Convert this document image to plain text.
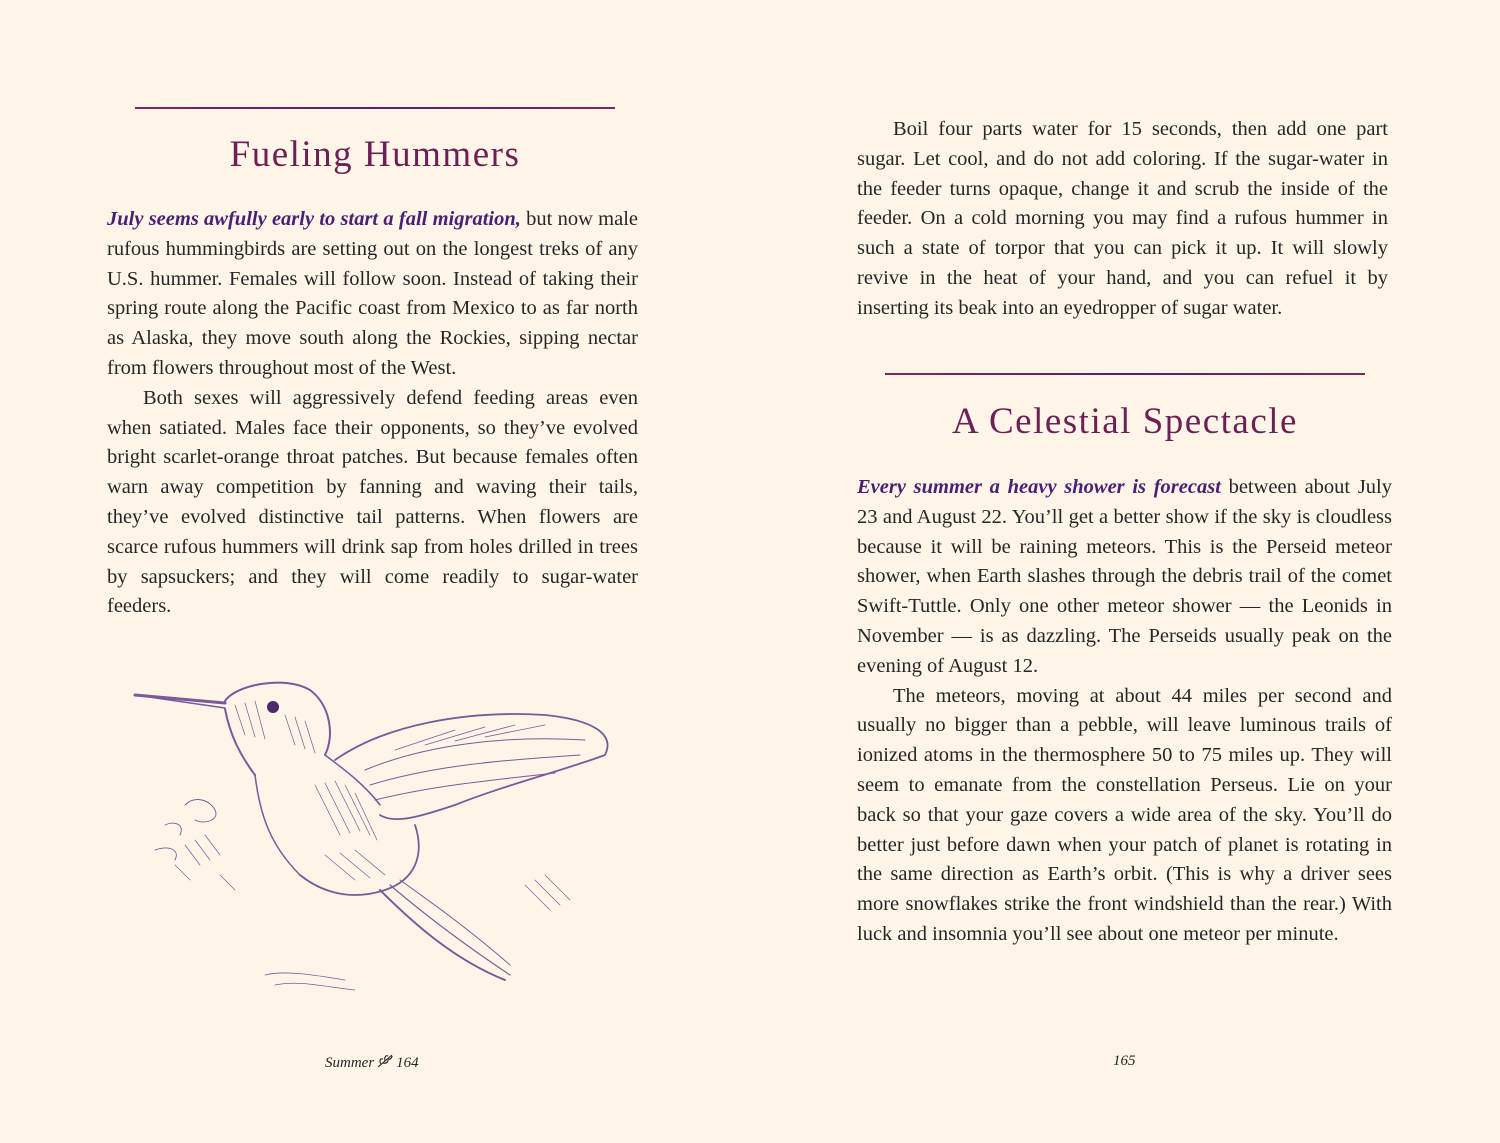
Fueling Hummers

July seems awfully early to start a fall migration, but now male rufous hummingbirds are setting out on the longest treks of any U.S. hummer. Females will follow soon. Instead of taking their spring route along the Pacific coast from Mexico to as far north as Alaska, they move south along the Rockies, sipping nectar from flowers throughout most of the West.

Both sexes will aggressively defend feeding areas even when satiated. Males face their opponents, so they’ve evolved bright scarlet-orange throat patches. But because females often warn away competition by fanning and waving their tails, they’ve evolved distinctive tail patterns. When flowers are scarce rufous hummers will drink sap from holes drilled in trees by sapsuckers; and they will come readily to sugar-water feeders.

Summer 164

Boil four parts water for 15 seconds, then add one part sugar. Let cool, and do not add coloring. If the sugar-water in the feeder turns opaque, change it and scrub the inside of the feeder. On a cold morning you may find a rufous hummer in such a state of torpor that you can pick it up. It will slowly revive in the heat of your hand, and you can refuel it by inserting its beak into an eyedropper of sugar water.

A Celestial Spectacle

Every summer a heavy shower is forecast between about July 23 and August 22. You’ll get a better show if the sky is cloudless because it will be raining meteors. This is the Perseid meteor shower, when Earth slashes through the debris trail of the comet Swift-Tuttle. Only one other meteor shower — the Leonids in November — is as dazzling. The Perseids usually peak on the evening of August 12.

The meteors, moving at about 44 miles per second and usually no bigger than a pebble, will leave luminous trails of ionized atoms in the thermosphere 50 to 75 miles up. They will seem to emanate from the constellation Perseus. Lie on your back so that your gaze covers a wide area of the sky. You’ll do better just before dawn when your patch of planet is rotating in the same direction as Earth’s orbit. (This is why a driver sees more snowflakes strike the front windshield than the rear.) With luck and insomnia you’ll see about one meteor per minute.

165
